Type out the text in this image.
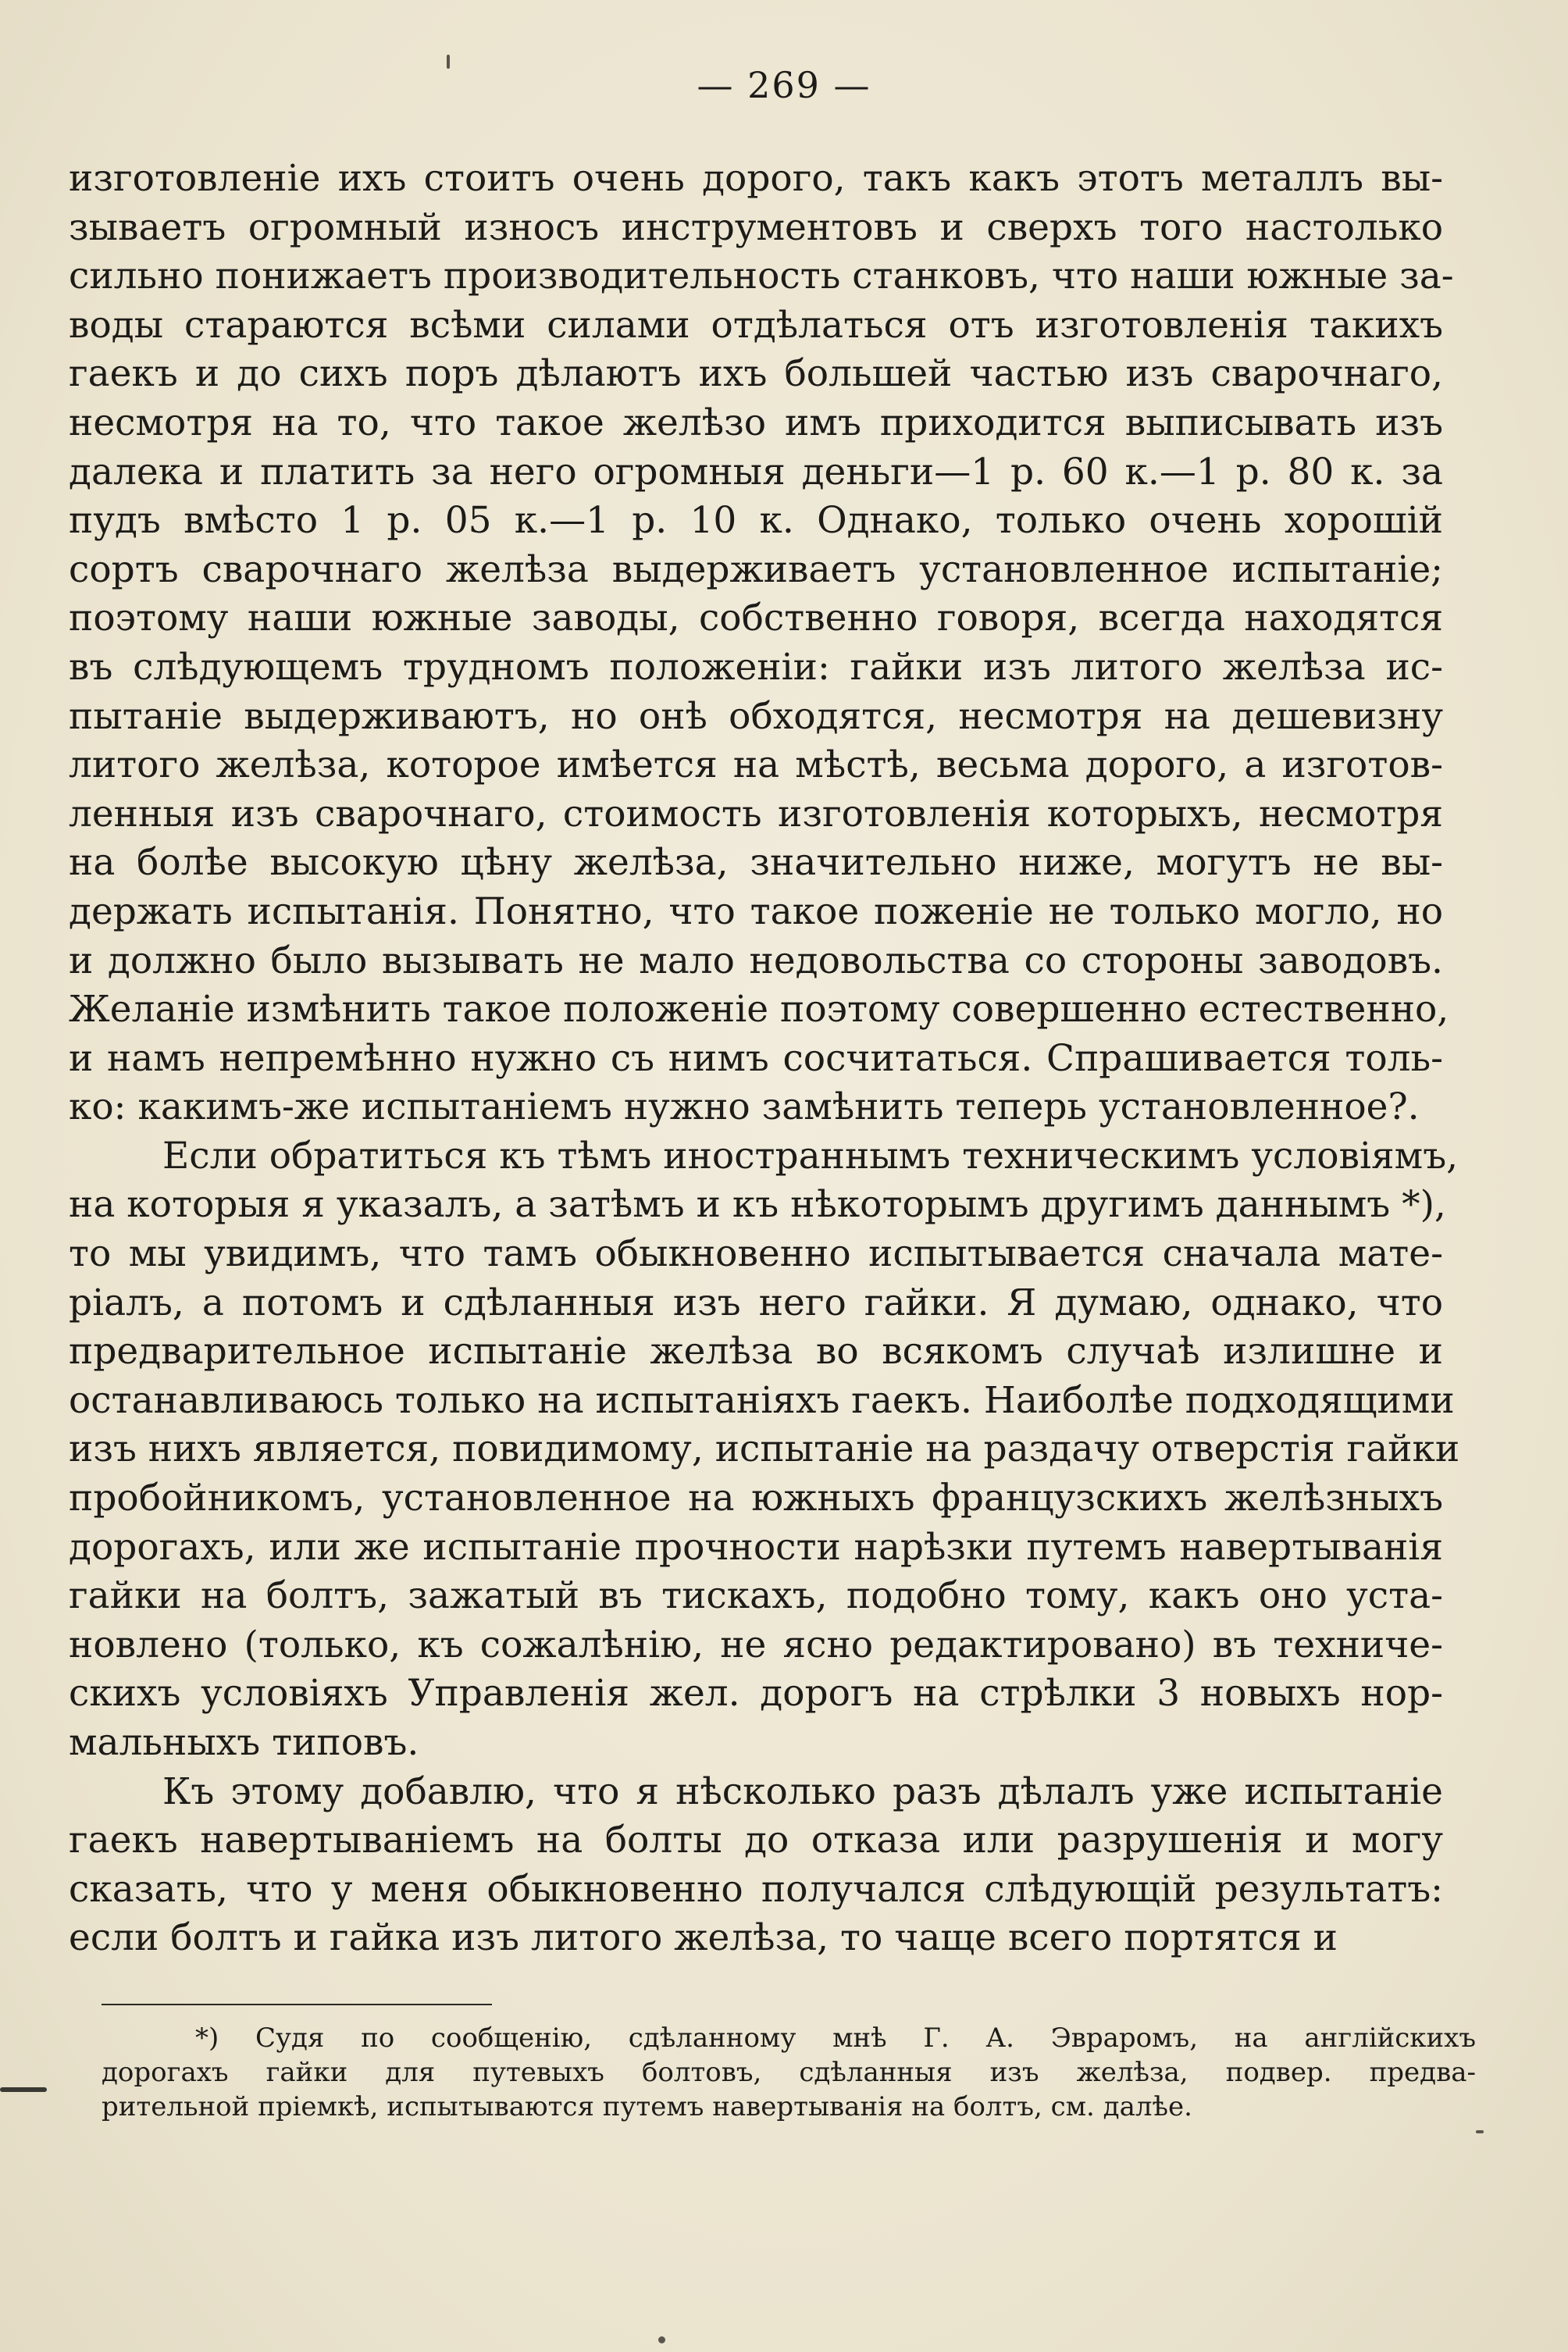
— 269 —
изготовленіе ихъ стоитъ очень дорого, такъ какъ этотъ металлъ вы-
зываетъ огромный износъ инструментовъ и сверхъ того настолько
сильно понижаетъ производительность станковъ, что наши южные за-
воды стараются всѣми силами отдѣлаться отъ изготовленія такихъ
гаекъ и до сихъ поръ дѣлаютъ ихъ большей частью изъ сварочнаго,
несмотря на то, что такое желѣзо имъ приходится выписывать изъ
далека и платить за него огромныя деньги—1 р. 60 к.—1 р. 80 к. за
пудъ вмѣсто 1 р. 05 к.—1 р. 10 к. Однако, только очень хорошій
сортъ сварочнаго желѣза выдерживаетъ установленное испытаніе;
поэтому наши южные заводы, собственно говоря, всегда находятся
въ слѣдующемъ трудномъ положеніи: гайки изъ литого желѣза ис-
пытаніе выдерживаютъ, но онѣ обходятся, несмотря на дешевизну
литого желѣза, которое имѣется на мѣстѣ, весьма дорого, а изготов-
ленныя изъ сварочнаго, стоимость изготовленія которыхъ, несмотря
на болѣе высокую цѣну желѣза, значительно ниже, могутъ не вы-
держать испытанія. Понятно, что такое поженіе не только могло, но
и должно было вызывать не мало недовольства со стороны заводовъ.
Желаніе измѣнить такое положеніе поэтому совершенно естественно,
и намъ непремѣнно нужно съ нимъ сосчитаться. Спрашивается толь-
ко: какимъ-же испытаніемъ нужно замѣнить теперь установленное?.
Если обратиться къ тѣмъ иностраннымъ техническимъ условіямъ,
на которыя я указалъ, а затѣмъ и къ нѣкоторымъ другимъ даннымъ *),
то мы увидимъ, что тамъ обыкновенно испытывается сначала мате-
ріалъ, а потомъ и сдѣланныя изъ него гайки. Я думаю, однако, что
предварительное испытаніе желѣза во всякомъ случаѣ излишне и
останавливаюсь только на испытаніяхъ гаекъ. Наиболѣе подходящими
изъ нихъ является, повидимому, испытаніе на раздачу отверстія гайки
пробойникомъ, установленное на южныхъ французскихъ желѣзныхъ
дорогахъ, или же испытаніе прочности нарѣзки путемъ навертыванія
гайки на болтъ, зажатый въ тискахъ, подобно тому, какъ оно уста-
новлено (только, къ сожалѣнію, не ясно редактировано) въ техниче-
скихъ условіяхъ Управленія жел. дорогъ на стрѣлки 3 новыхъ нор-
мальныхъ типовъ.
Къ этому добавлю, что я нѣсколько разъ дѣлалъ уже испытаніе
гаекъ навертываніемъ на болты до отказа или разрушенія и могу
сказать, что у меня обыкновенно получался слѣдующій результатъ:
если болтъ и гайка изъ литого желѣза, то чаще всего портятся и
*) Судя по сообщенію, сдѣланному мнѣ Г. А. Эвраромъ, на англійскихъ
дорогахъ гайки для путевыхъ болтовъ, сдѣланныя изъ желѣза, подвер. предва-
рительной пріемкѣ, испытываются путемъ навертыванія на болтъ, см. далѣе.
